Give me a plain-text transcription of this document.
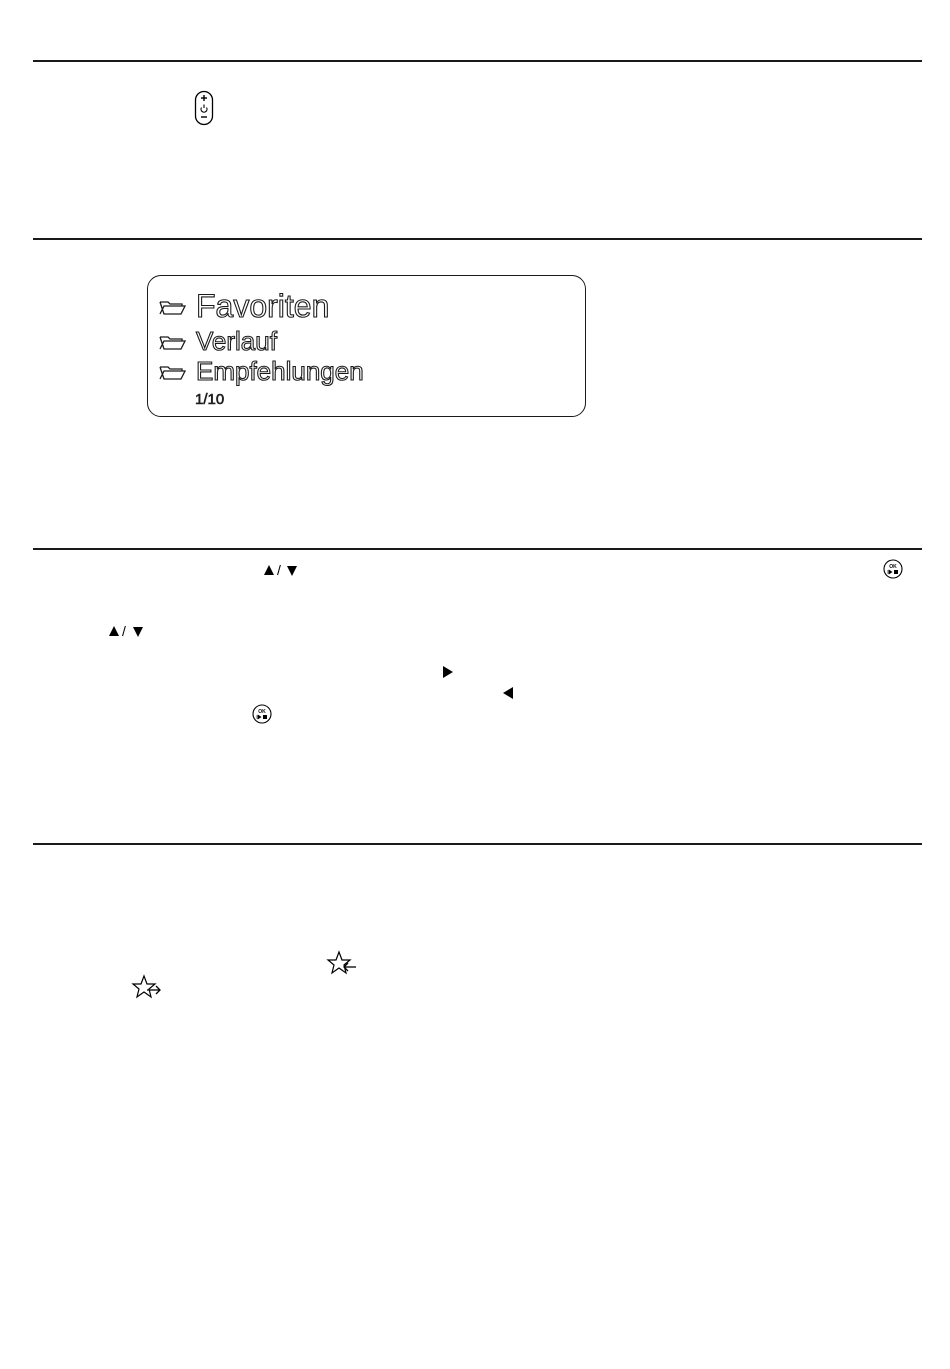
Favoriten
Verlauf
Empfehlungen
1/10
/	OK
/
OK
